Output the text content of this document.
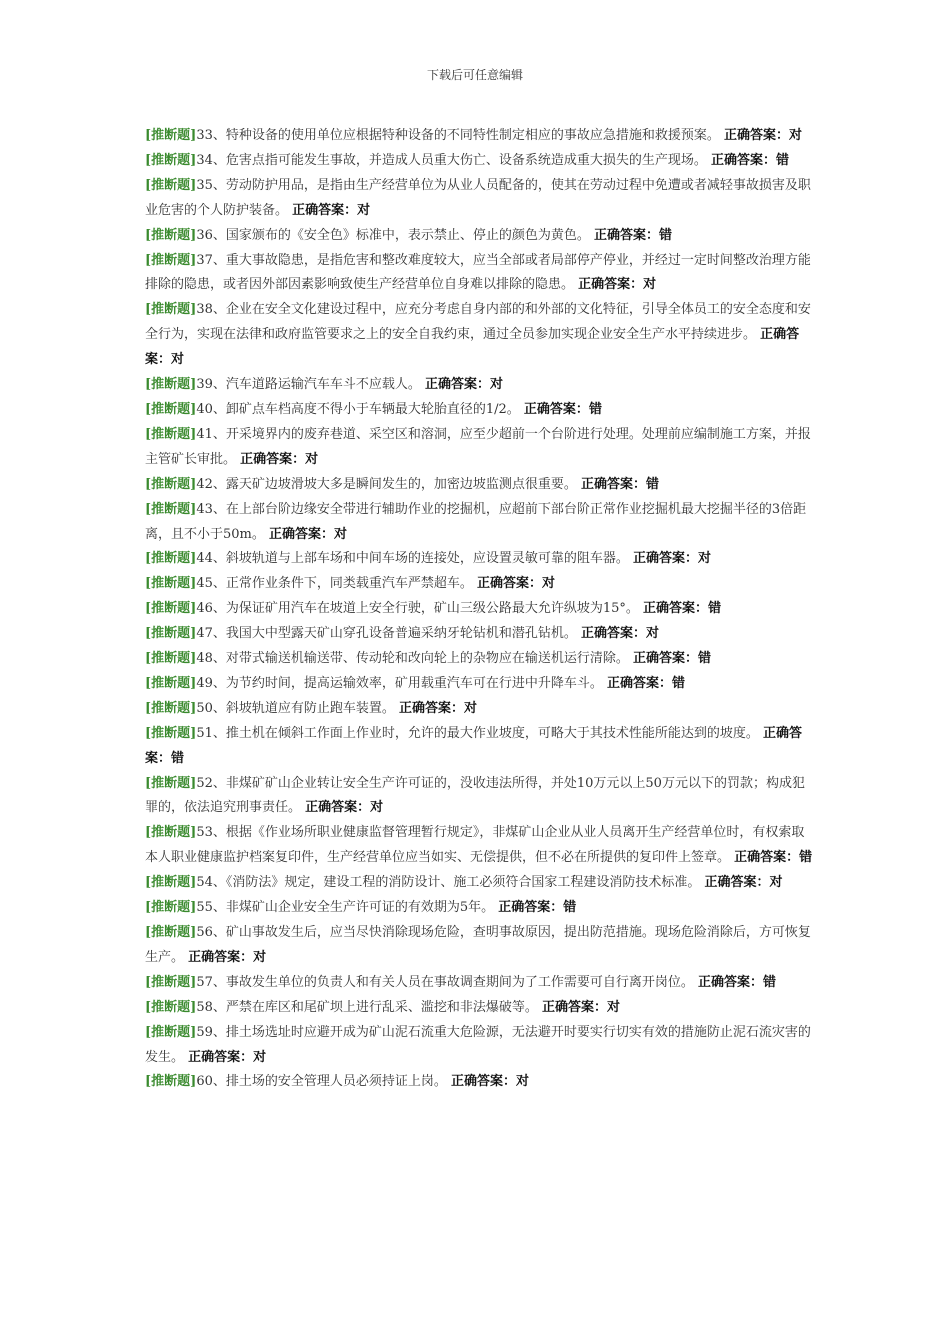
下载后可任意编辑

[推断题]33、特种设备的使用单位应根据特种设备的不同特性制定相应的事故应急措施和救援预案。 正确答案：对

[推断题]34、危害点指可能发生事故，并造成人员重大伤亡、设备系统造成重大损失的生产现场。 正确答案：错

[推断题]35、劳动防护用品，是指由生产经营单位为从业人员配备的，使其在劳动过程中免遭或者减轻事故损害及职业危害的个人防护装备。 正确答案：对

[推断题]36、国家颁布的《安全色》标准中，表示禁止、停止的颜色为黄色。 正确答案：错

[推断题]37、重大事故隐患，是指危害和整改难度较大，应当全部或者局部停产停业，并经过一定时间整改治理方能排除的隐患，或者因外部因素影响致使生产经营单位自身难以排除的隐患。 正确答案：对

[推断题]38、企业在安全文化建设过程中，应充分考虑自身内部的和外部的文化特征，引导全体员工的安全态度和安全行为，实现在法律和政府监管要求之上的安全自我约束，通过全员参加实现企业安全生产水平持续进步。 正确答案：对

[推断题]39、汽车道路运输汽车车斗不应载人。 正确答案：对

[推断题]40、卸矿点车档高度不得小于车辆最大轮胎直径的1/2。 正确答案：错

[推断题]41、开采境界内的废弃巷道、采空区和溶洞，应至少超前一个台阶进行处理。处理前应编制施工方案，并报主管矿长审批。 正确答案：对

[推断题]42、露天矿边坡滑坡大多是瞬间发生的，加密边坡监测点很重要。 正确答案：错

[推断题]43、在上部台阶边缘安全带进行辅助作业的挖掘机，应超前下部台阶正常作业挖掘机最大挖掘半径的3倍距离，且不小于50m。 正确答案：对

[推断题]44、斜坡轨道与上部车场和中间车场的连接处，应设置灵敏可靠的阻车器。 正确答案：对

[推断题]45、正常作业条件下，同类载重汽车严禁超车。 正确答案：对

[推断题]46、为保证矿用汽车在坡道上安全行驶，矿山三级公路最大允许纵坡为15°。 正确答案：错

[推断题]47、我国大中型露天矿山穿孔设备普遍采纳牙轮钻机和潜孔钻机。 正确答案：对

[推断题]48、对带式输送机输送带、传动轮和改向轮上的杂物应在输送机运行清除。 正确答案：错

[推断题]49、为节约时间，提高运输效率，矿用载重汽车可在行进中升降车斗。 正确答案：错

[推断题]50、斜坡轨道应有防止跑车装置。 正确答案：对

[推断题]51、推土机在倾斜工作面上作业时，允许的最大作业坡度，可略大于其技术性能所能达到的坡度。 正确答案：错

[推断题]52、非煤矿矿山企业转让安全生产许可证的，没收违法所得，并处10万元以上50万元以下的罚款；构成犯罪的，依法追究刑事责任。 正确答案：对

[推断题]53、根据《作业场所职业健康监督管理暂行规定》，非煤矿山企业从业人员离开生产经营单位时，有权索取本人职业健康监护档案复印件，生产经营单位应当如实、无偿提供，但不必在所提供的复印件上签章。 正确答案：错

[推断题]54、《消防法》规定，建设工程的消防设计、施工必须符合国家工程建设消防技术标准。 正确答案：对

[推断题]55、非煤矿山企业安全生产许可证的有效期为5年。 正确答案：错

[推断题]56、矿山事故发生后，应当尽快消除现场危险，查明事故原因，提出防范措施。现场危险消除后，方可恢复生产。 正确答案：对

[推断题]57、事故发生单位的负责人和有关人员在事故调查期间为了工作需要可自行离开岗位。 正确答案：错

[推断题]58、严禁在库区和尾矿坝上进行乱采、滥挖和非法爆破等。 正确答案：对

[推断题]59、排土场选址时应避开成为矿山泥石流重大危险源，无法避开时要实行切实有效的措施防止泥石流灾害的发生。 正确答案：对

[推断题]60、排土场的安全管理人员必须持证上岗。 正确答案：对
